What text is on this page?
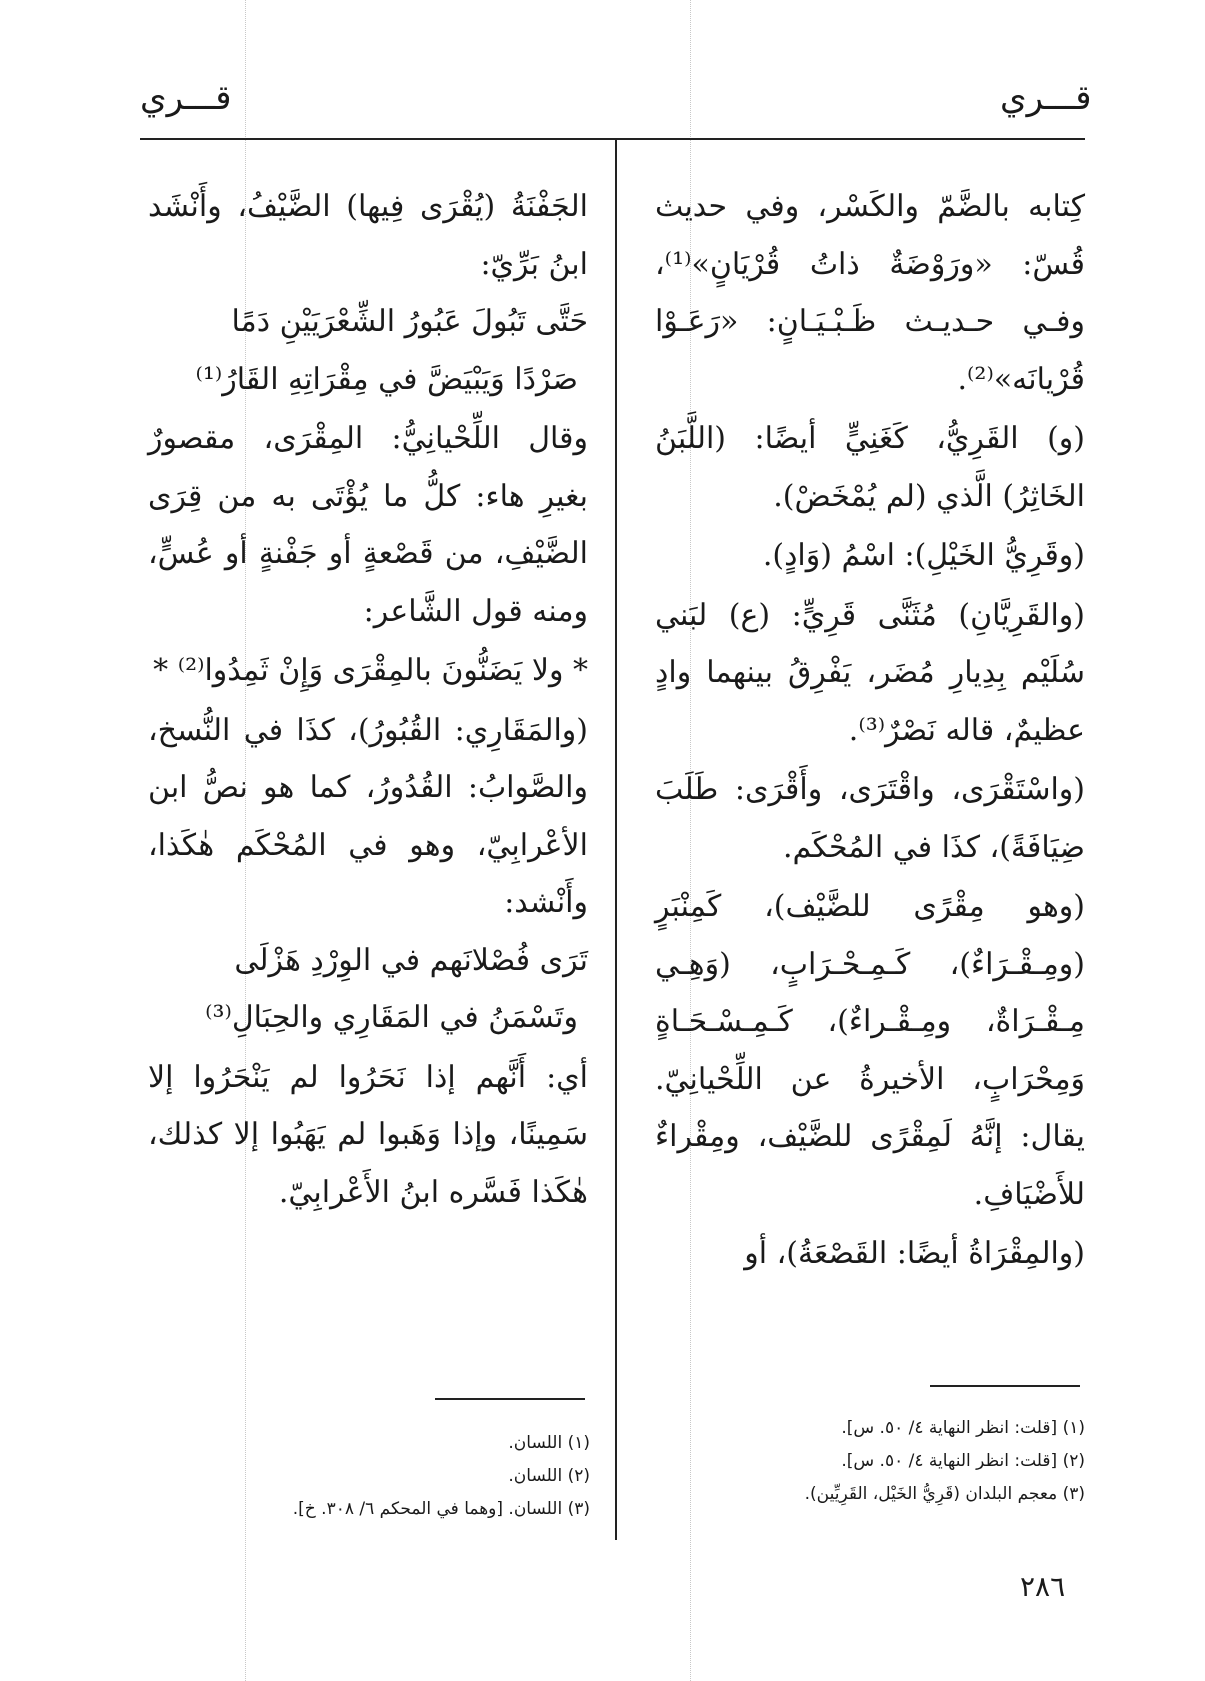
قـــري	قـــري

كِتابه بالضَّمّ والكَسْر، وفي حديث قُسّ: «ورَوْضَةٌ ذاتُ قُرْيَانٍ»⁽¹⁾، وفـي حـديـث ظَـبْـيَـانٍ: «رَعَـوْا قُرْيانَه»⁽²⁾.

(و) القَرِيُّ، كَغَنِيٍّ أيضًا: (اللَّبَنُ الخَاثِرُ) الَّذي (لم يُمْخَضْ).

(وقَرِيُّ الخَيْلِ): اسْمُ (وَادٍ).

(والقَرِيَّانِ) مُثَنَّى قَرِيٍّ: (ع) لبَني سُلَيْم بِدِيارِ مُضَر، يَفْرِقُ بينهما وادٍ عظيمٌ، قاله نَصْرٌ⁽³⁾.

(واسْتَقْرَى، واقْتَرَى، وأَقْرَى: طَلَبَ ضِيَافَةً)، كذَا في المُحْكَم.

(وهو مِقْرًى للضَّيْف)، كَمِنْبَرٍ (ومِـقْـرَاءٌ)، كَـمِـحْـرَابٍ، (وَهِـي مِـقْـرَاةٌ، ومِـقْـراءٌ)، كَـمِـسْـحَـاةٍ وَمِحْرَابٍ، الأخيرةُ عن اللِّحْيانِيّ. يقال: إنَّهُ لَمِقْرًى للضَّيْف، ومِقْراءٌ للأَضْيَافِ.

(والمِقْرَاةُ أيضًا: القَصْعَةُ)، أو

(١) [قلت: انظر النهاية ٤/ ٥٠. س].
(٢) [قلت: انظر النهاية ٤/ ٥٠. س].
(٣) معجم البلدان (قَرِيُّ الخَيْل، القَرِيِّين).

الجَفْنَةُ (يُقْرَى فِيها) الضَّيْفُ، وأَنْشَد ابنُ بَرِّيّ:

حَتَّى تَبُولَ عَبُورُ الشِّعْرَيَيْنِ دَمًا

صَرْدًا وَيَبْيَضَّ في مِقْرَاتِهِ القَارُ⁽¹⁾

وقال اللِّحْيانِيُّ: المِقْرَى، مقصورٌ بغيرِ هاء: كلُّ ما يُؤْتَى به من قِرَى الضَّيْفِ، من قَصْعةٍ أو جَفْنةٍ أو عُسٍّ، ومنه قول الشَّاعر:

* ولا يَضَنُّونَ بالمِقْرَى وَإِنْ ثَمِدُوا⁽²⁾ *

(والمَقَارِي: القُبُورُ)، كذَا في النُّسخ، والصَّوابُ: القُدُورُ، كما هو نصُّ ابن الأعْرابِيّ، وهو في المُحْكَم هٰكَذا، وأَنْشد:

تَرَى فُصْلانَهم في الوِرْدِ هَزْلَى

وتَسْمَنُ في المَقَارِي والحِبَالِ⁽³⁾

أي: أَنَّهم إذا نَحَرُوا لم يَنْحَرُوا إلا سَمِينًا، وإذا وَهَبوا لم يَهَبُوا إلا كذلك، هٰكَذا فَسَّره ابنُ الأَعْرابِيّ.

(١) اللسان.
(٢) اللسان.
(٣) اللسان. [وهما في المحكم ٦/ ٣٠٨. خ].
٢٨٦
